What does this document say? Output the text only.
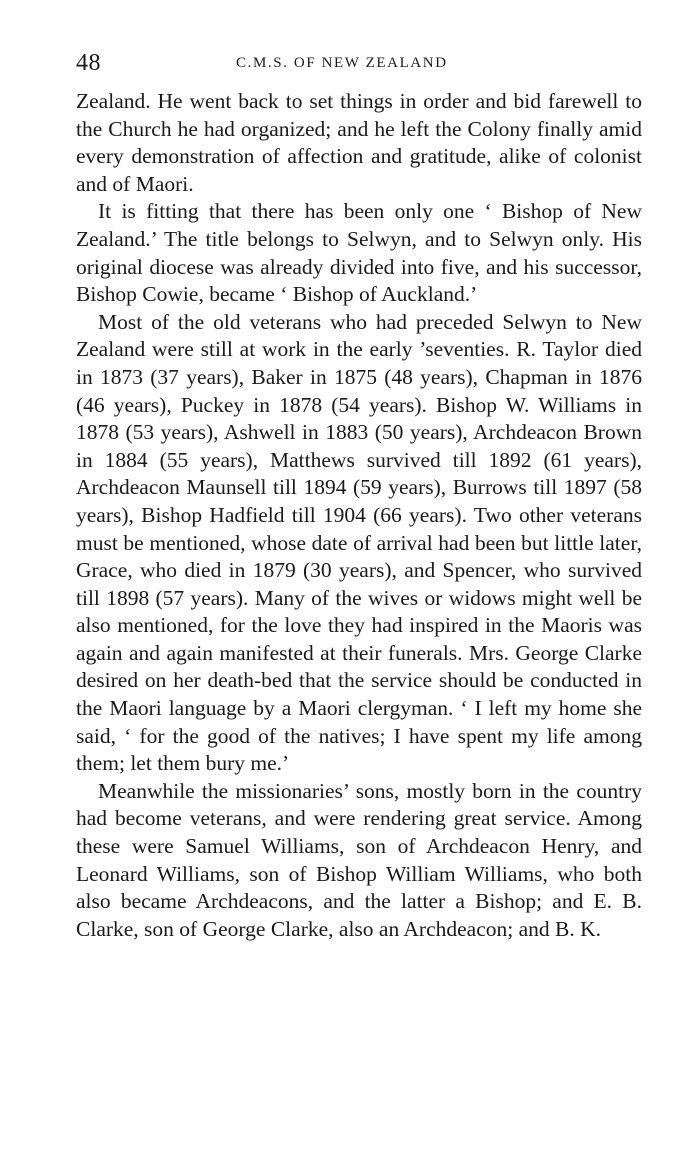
48	C.M.S. OF NEW ZEALAND

Zealand. He went back to set things in order and bid farewell to the Church he had organized; and he left the Colony finally amid every demonstration of affection and gratitude, alike of colonist and of Maori.

It is fitting that there has been only one ‘ Bishop of New Zealand.’ The title belongs to Selwyn, and to Selwyn only. His original diocese was already divided into five, and his successor, Bishop Cowie, became ‘ Bishop of Auckland.’

Most of the old veterans who had preceded Selwyn to New Zealand were still at work in the early ’seventies. R. Taylor died in 1873 (37 years), Baker in 1875 (48 years), Chapman in 1876 (46 years), Puckey in 1878 (54 years). Bishop W. Williams in 1878 (53 years), Ashwell in 1883 (50 years), Archdeacon Brown in 1884 (55 years), Matthews survived till 1892 (61 years), Archdeacon Maunsell till 1894 (59 years), Burrows till 1897 (58 years), Bishop Hadfield till 1904 (66 years). Two other veterans must be mentioned, whose date of arrival had been but little later, Grace, who died in 1879 (30 years), and Spencer, who survived till 1898 (57 years). Many of the wives or widows might well be also mentioned, for the love they had inspired in the Maoris was again and again manifested at their funerals. Mrs. George Clarke desired on her death-bed that the service should be conducted in the Maori language by a Maori clergyman. ‘ I left my home she said, ‘ for the good of the natives; I have spent my life among them; let them bury me.’

Meanwhile the missionaries’ sons, mostly born in the country had become veterans, and were rendering great service. Among these were Samuel Williams, son of Archdeacon Henry, and Leonard Williams, son of Bishop William Williams, who both also became Archdeacons, and the latter a Bishop; and E. B. Clarke, son of George Clarke, also an Archdeacon; and B. K.
